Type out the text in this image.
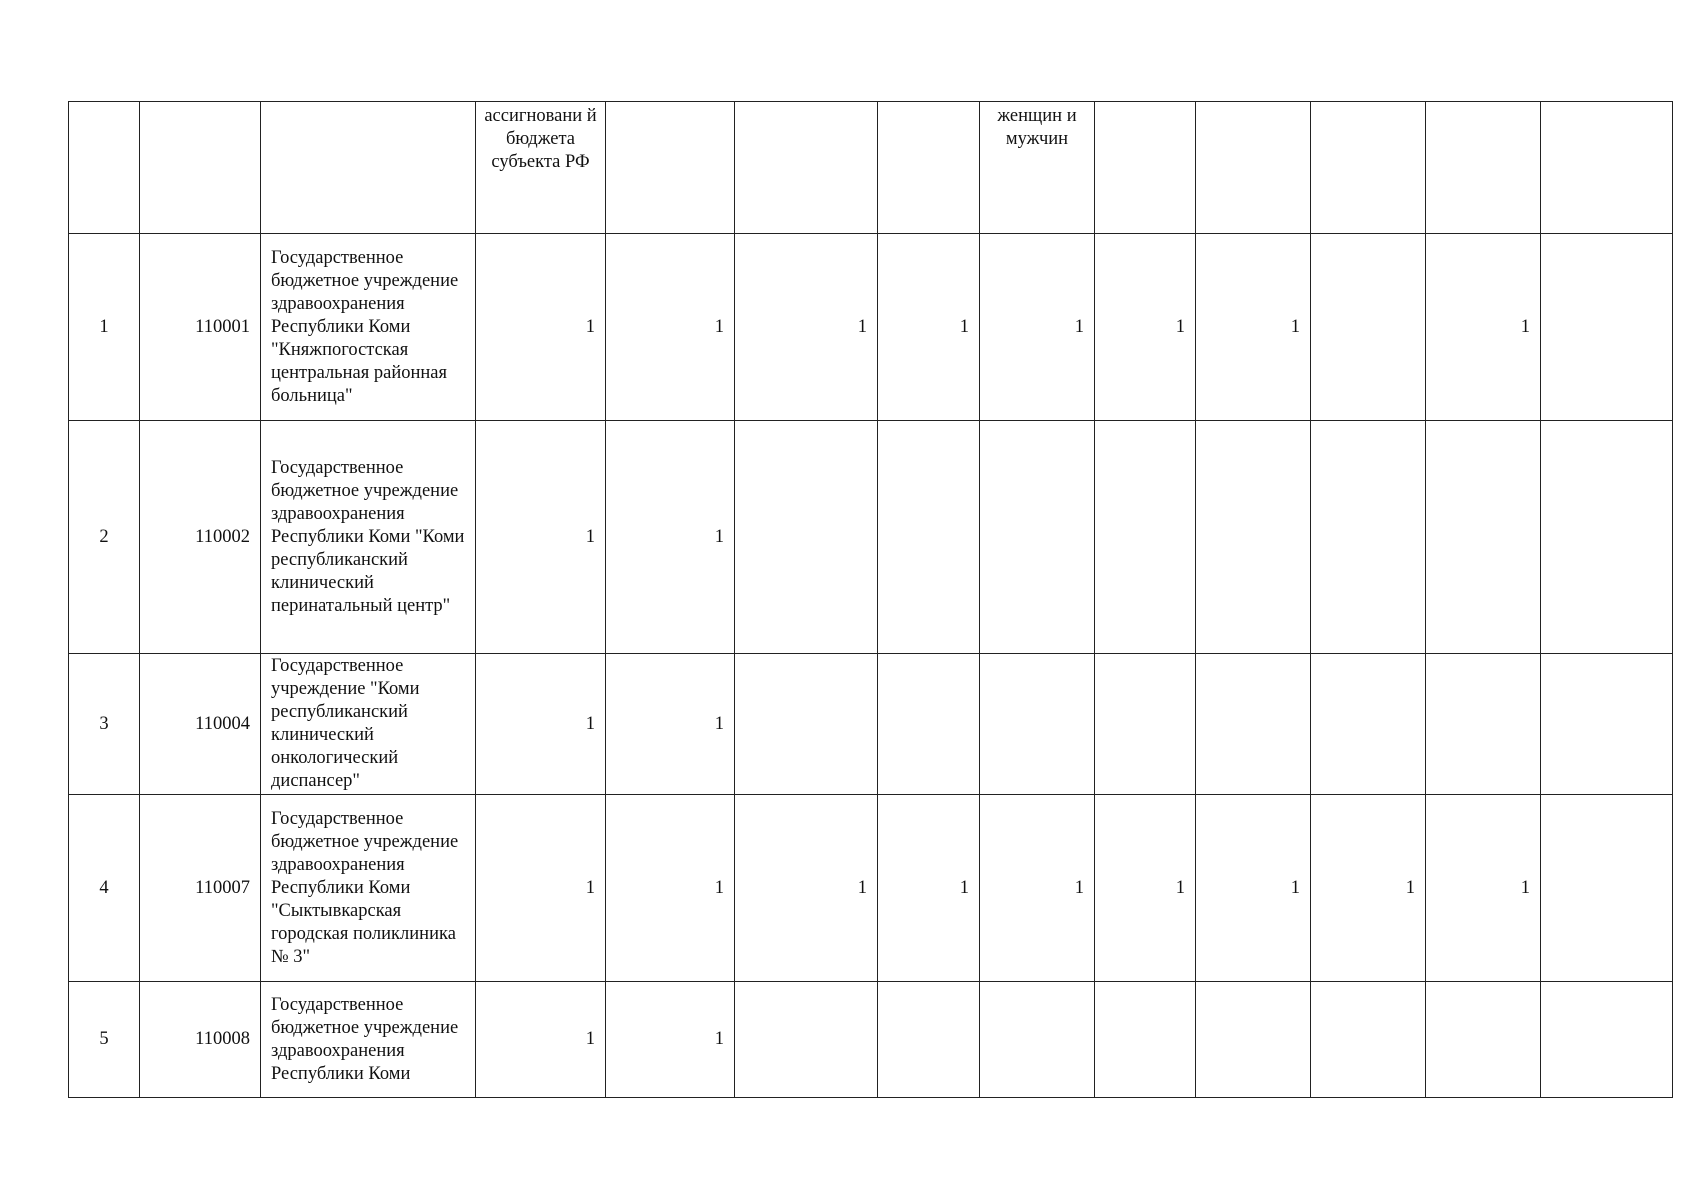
			ассигновани й бюджета субъекта РФ				женщин и мужчин					
1	110001	Государственное бюджетное учреждение здравоохранения Республики Коми "Княжпогостская центральная районная больница"	1	1	1	1	1	1	1		1	
2	110002	Государственное бюджетное учреждение здравоохранения Республики Коми "Коми республиканский клинический перинатальный центр"	1	1								
3	110004	Государственное учреждение "Коми республиканский клинический онкологический диспансер"	1	1								
4	110007	Государственное бюджетное учреждение здравоохранения Республики Коми "Сыктывкарская городская поликлиника № 3"	1	1	1	1	1	1	1	1	1	
5	110008	Государственное бюджетное учреждение здравоохранения Республики Коми	1	1								
